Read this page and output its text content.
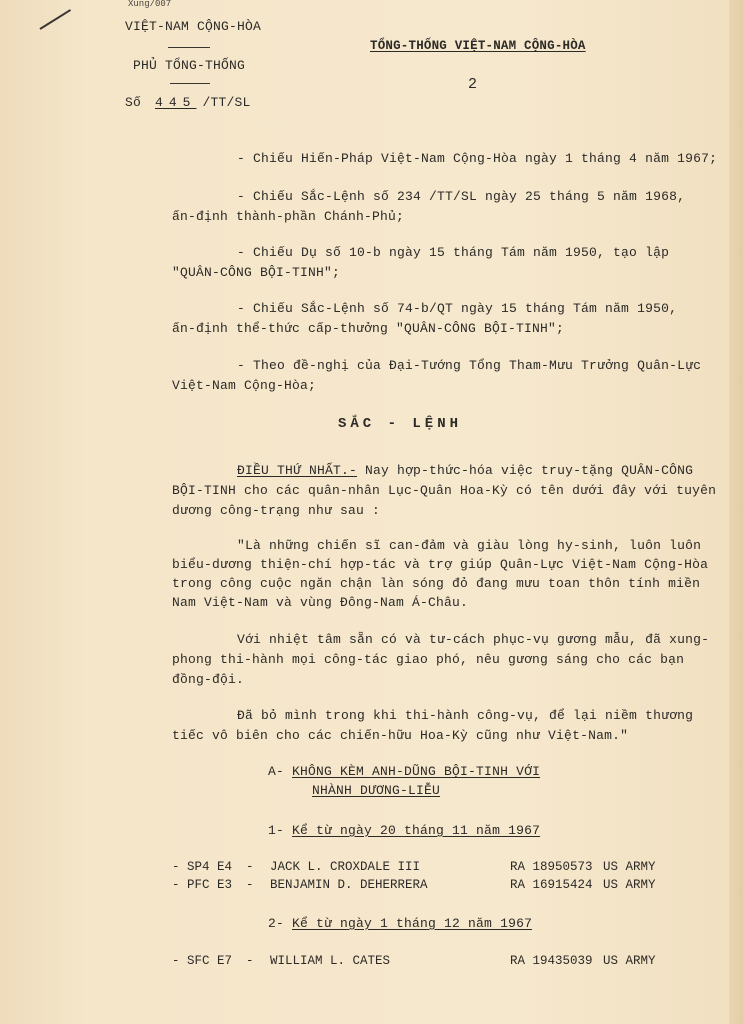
Xung/007
VIỆT-NAM CỘNG-HÒA
PHỦ TỔNG-THỐNG
Số 445 /TT/SL
TỔNG-THỐNG VIỆT-NAM CỘNG-HÒA
2
- Chiếu Hiến-Pháp Việt-Nam Cộng-Hòa ngày 1 tháng 4 năm 1967;
- Chiếu Sắc-Lệnh số 234 /TT/SL ngày 25 tháng 5 năm 1968,
ấn-định thành-phần Chánh-Phủ;
- Chiếu Dụ số 10-b ngày 15 tháng Tám năm 1950, tạo lập
"QUÂN-CÔNG BỘI-TINH";
- Chiếu Sắc-Lệnh số 74-b/QT ngày 15 tháng Tám năm 1950,
ấn-định thể-thức cấp-thưởng "QUÂN-CÔNG BỘI-TINH";
- Theo đề-nghị của Đại-Tướng Tổng Tham-Mưu Trưởng Quân-Lực
Việt-Nam Cộng-Hòa;
SẮC - LỆNH
ĐIỀU THỨ NHẤT.- Nay hợp-thức-hóa việc truy-tặng QUÂN-CÔNG
BỘI-TINH cho các quân-nhân Lục-Quân Hoa-Kỳ có tên dưới đây với tuyên
dương công-trạng như sau :
"Là những chiến sĩ can-đảm và giàu lòng hy-sinh, luôn luôn
biểu-dương thiện-chí hợp-tác và trợ giúp Quân-Lực Việt-Nam Cộng-Hòa
trong công cuộc ngăn chận làn sóng đỏ đang mưu toan thôn tính miền
Nam Việt-Nam và vùng Đông-Nam Á-Châu.
Với nhiệt tâm sẵn có và tư-cách phục-vụ gương mẫu, đã xung-
phong thi-hành mọi công-tác giao phó, nêu gương sáng cho các bạn
đồng-đội.
Đã bỏ mình trong khi thi-hành công-vụ, để lại niềm thương
tiếc vô biên cho các chiến-hữu Hoa-Kỳ cũng như Việt-Nam."
A- KHÔNG KÈM ANH-DŨNG BỘI-TINH VỚI
NHÀNH DƯƠNG-LIỄU
1- Kể từ ngày 20 tháng 11 năm 1967
- SP4 E4 - JACK L. CROXDALE III	RA 18950573 US ARMY
- PFC E3 - BENJAMIN D. DEHERRERA	RA 16915424 US ARMY
2- Kể từ ngày 1 tháng 12 năm 1967
- SFC E7 - WILLIAM L. CATES	RA 19435039 US ARMY
